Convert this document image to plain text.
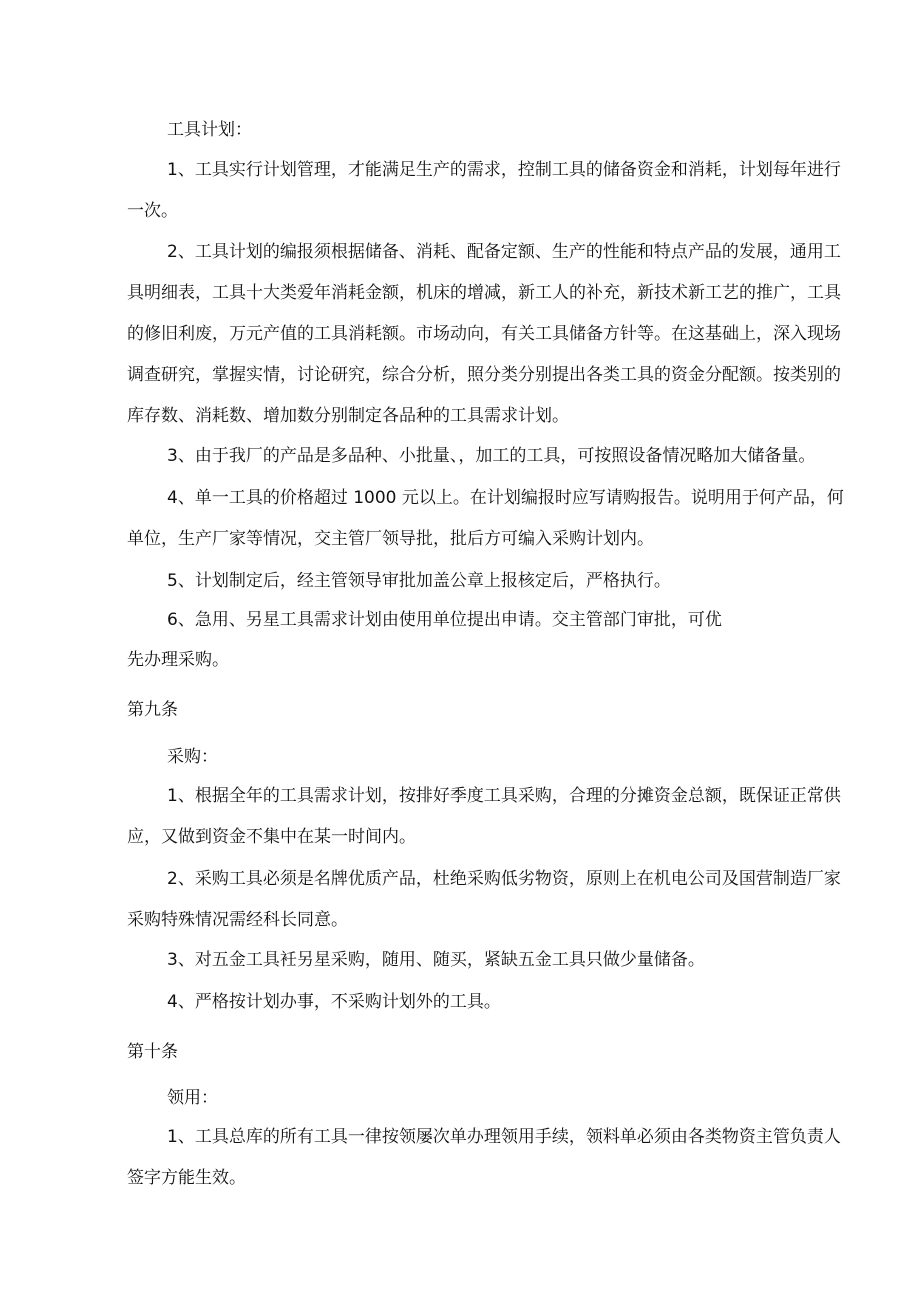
工具计划：

1、工具实行计划管理，才能满足生产的需求，控制工具的储备资金和消耗，计划每年进行一次。

2、工具计划的编报须根据储备、消耗、配备定额、生产的性能和特点产品的发展，通用工具明细表，工具十大类爱年消耗金额，机床的增减，新工人的补充，新技术新工艺的推广，工具的修旧利废，万元产值的工具消耗额。市场动向，有关工具储备方针等。在这基础上，深入现场调查研究，掌握实情，讨论研究，综合分析，照分类分别提出各类工具的资金分配额。按类别的库存数、消耗数、增加数分别制定各品种的工具需求计划。

3、由于我厂的产品是多品种、小批量、，加工的工具，可按照设备情况略加大储备量。

4、单一工具的价格超过 1000 元以上。在计划编报时应写请购报告。说明用于何产品，何单位，生产厂家等情况，交主管厂领导批，批后方可编入采购计划内。

5、计划制定后，经主管领导审批加盖公章上报核定后，严格执行。

6、急用、另星工具需求计划由使用单位提出申请。交主管部门审批，可优

先办理采购。

第九条

采购：

1、根据全年的工具需求计划，按排好季度工具采购，合理的分摊资金总额，既保证正常供应，又做到资金不集中在某一时间内。

2、采购工具必须是名牌优质产品，杜绝采购低劣物资，原则上在机电公司及国营制造厂家采购特殊情况需经科长同意。

3、对五金工具衽另星采购，随用、随买，紧缺五金工具只做少量储备。

4、严格按计划办事，不采购计划外的工具。

第十条

领用：

1、工具总库的所有工具一律按领屡次单办理领用手续，领料单必须由各类物资主管负责人签字方能生效。
